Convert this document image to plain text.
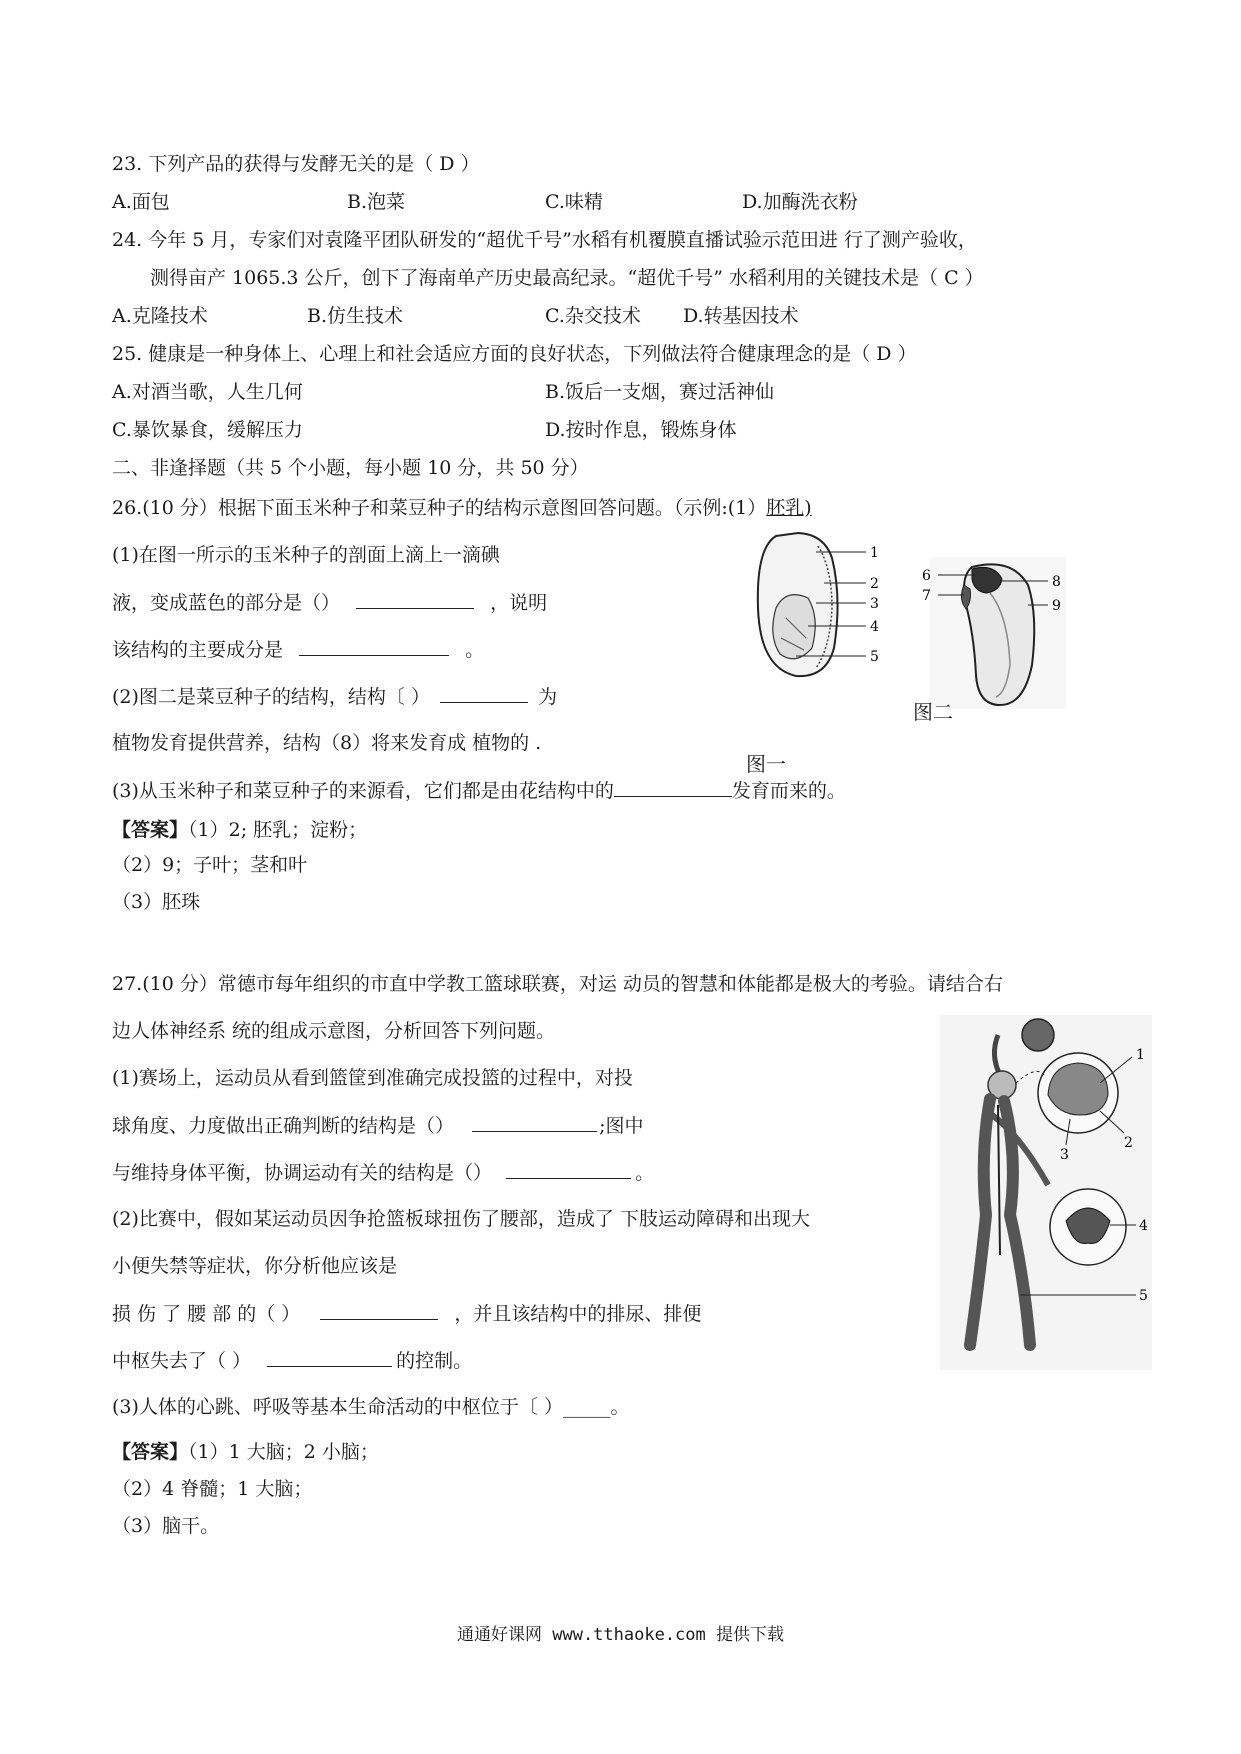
23. 下列产品的获得与发酵无关的是（ D ）
A.面包	B.泡菜	C.味精	D.加酶洗衣粉
24. 今年 5 月，专家们对袁隆平团队研发的“超优千号”水稻有机覆膜直播试验示范田进 行了测产验收，
测得亩产 1065.3 公斤，创下了海南单产历史最高纪录。“超优千号” 水稻利用的关键技术是（ C ）
A.克隆技术	B.仿生技术	C.杂交技术 D.转基因技术
25. 健康是一种身体上、心理上和社会适应方面的良好状态，下列做法符合健康理念的是（ D ）
A.对酒当歌，人生几何	B.饭后一支烟，赛过活神仙
C.暴饮暴食，缓解压力	D.按时作息，锻炼身体
二、非逢择题（共 5 个小题，每小题 10 分，共 50 分）
26.(10 分）根据下面玉米种子和菜豆种子的结构示意图回答问题。（示例:(1）胚乳)
(1)在图一所示的玉米种子的剖面上滴上一滴碘
液，变成蓝色的部分是（）	，说明
该结构的主要成分是	。
(2)图二是菜豆种子的结构，结构〔 ）	为
植物发育提供营养，结构（8）将来发育成 植物的 .
(3)从玉米种子和菜豆种子的来源看，它们都是由花结构中的	发育而来的。
1
2
3
4
5
6
7
8
9
图二
图一
【答案】（1）2; 胚乳；淀粉；
（2）9；子叶；茎和叶
（3）胚珠
27.(10 分）常德市每年组织的市直中学教工篮球联赛，对运 动员的智慧和体能都是极大的考验。请结合右
边人体神经系 统的组成示意图，分析回答下列问题。
(1)赛场上，运动员从看到篮筐到准确完成投篮的过程中，对投
球角度、力度做出正确判断的结构是（）	;图中
与维持身体平衡，协调运动有关的结构是（）	。
(2)比赛中，假如某运动员因争抢篮板球扭伤了腰部，造成了 下肢运动障碍和出现大
小便失禁等症状，你分析他应该是
损 伤 了 腰 部 的（ ）	，并且该结构中的排尿、排便
中枢失去了（ ）	的控制。
(3)人体的心跳、呼吸等基本生命活动的中枢位于〔 ）_____。
1
2
3
4
5
【答案】（1）1 大脑；2 小脑；
（2）4 脊髓；1 大脑；
（3）脑干。
通通好课网 www.tthaoke.com 提供下载
